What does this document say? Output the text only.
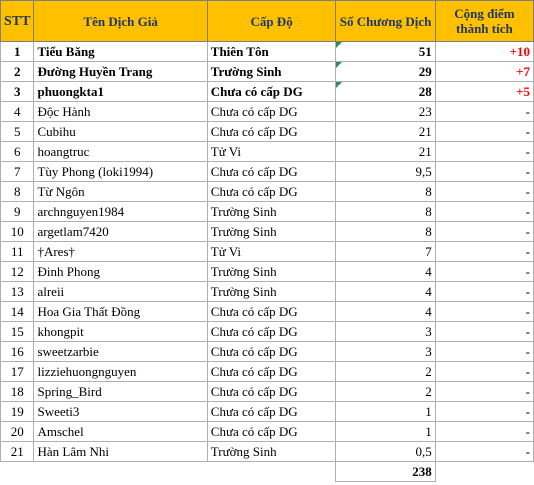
STT	Tên Dịch Giả	Cấp Độ	Số Chương Dịch	Cộng điểm thành tích
1	Tiểu Băng	Thiên Tôn	51	+10
2	Đường Huyền Trang	Trường Sinh	29	+7
3	phuongkta1	Chưa có cấp DG	28	+5
4	Độc Hành	Chưa có cấp DG	23	-
5	Cubihu	Chưa có cấp DG	21	-
6	hoangtruc	Tử Vi	21	-
7	Tùy Phong (loki1994)	Chưa có cấp DG	9,5	-
8	Từ Ngôn	Chưa có cấp DG	8	-
9	archnguyen1984	Trường Sinh	8	-
10	argetlam7420	Trường Sinh	8	-
11	†Ares†	Tử Vi	7	-
12	Đinh Phong	Trường Sinh	4	-
13	alreii	Trường Sinh	4	-
14	Hoa Gia Thất Đồng	Chưa có cấp DG	4	-
15	khongpit	Chưa có cấp DG	3	-
16	sweetzarbie	Chưa có cấp DG	3	-
17	lizziehuongnguyen	Chưa có cấp DG	2	-
18	Spring_Bird	Chưa có cấp DG	2	-
19	Sweeti3	Chưa có cấp DG	1	-
20	Amschel	Chưa có cấp DG	1	-
21	Hàn Lâm Nhi	Trường Sinh	0,5	-
			238	
